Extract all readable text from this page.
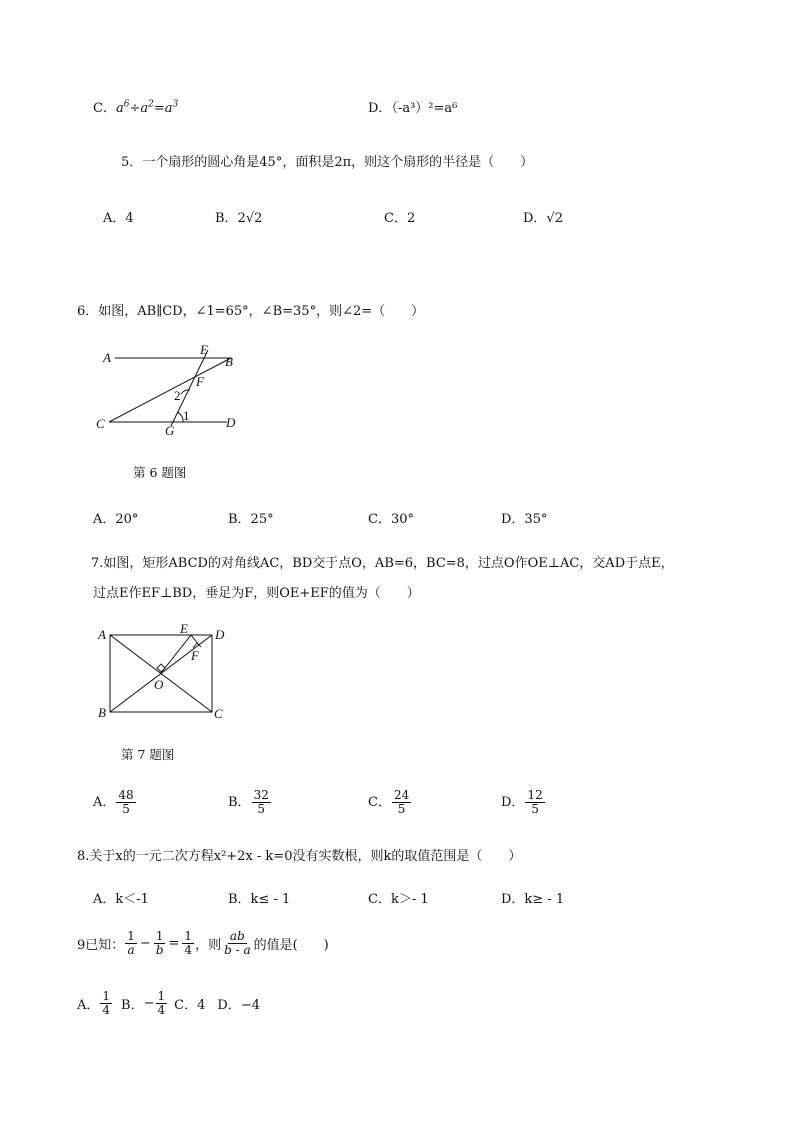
C．$a^6\div a^2=a^3$	D．（-a³）²=a⁶
5．一个扇形的圆心角是45°，面积是2π，则这个扇形的半径是（　　）
A．4	B．2√2	C．2	D．√2
6．如图，AB∥CD，∠1=65°，∠B=35°，则∠2=（　　）
A	B
C	D
E
F
G
1
2
第 6 题图
A．20°	B．25°	C．30°	D．35°
7.如图，矩形ABCD的对角线AC，BD交于点O，AB=6，BC=8，过点O作OE⊥AC，交AD于点E，
过点E作EF⊥BD，垂足为F，则OE+EF的值为（　　）
A
B	C
D
E
F
O
第 7 题图
A． $\frac{48}{5}$	B． $\frac{32}{5}$	C． $\frac{24}{5}$	D． $\frac{12}{5}$
8.关于x的一元二次方程x²+2x - k=0没有实数根，则k的取值范围是（　　）
A．k＜-1	B．k≤ - 1	C．k＞- 1	D．k≥ - 1
9已知： $\frac{1}{a} - \frac{1}{b} = \frac{1}{4}$ ，则 $\frac{ab}{b - a}$ 的值是(　　)
A． $\frac{1}{4}$ B． − $\frac{1}{4}$ C．4 D．−4
